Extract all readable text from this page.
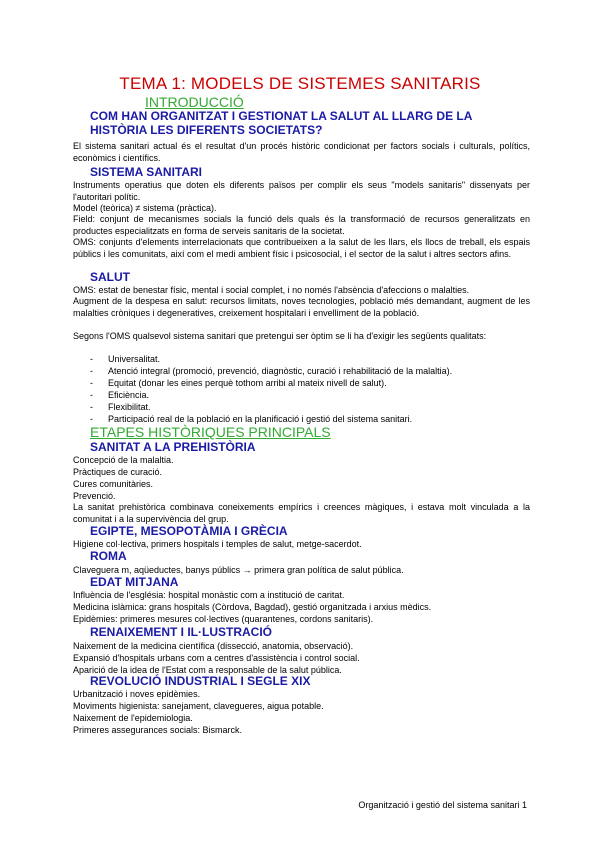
TEMA 1: MODELS DE SISTEMES SANITARIS
INTRODUCCIÓ
COM HAN ORGANITZAT I GESTIONAT LA SALUT AL LLARG DE LA
HISTÒRIA LES DIFERENTS SOCIETATS?
El sistema sanitari actual és el resultat d'un procés històric condicionat per factors socials i culturals, polítics, econòmics i científics.
SISTEMA SANITARI
Instruments operatius que doten els diferents països per complir els seus "models sanitaris" dissenyats per l'autoritari polític.
Model (teòrica) ≠ sistema (pràctica).
Field: conjunt de mecanismes socials la funció dels quals és la transformació de recursos generalitzats en productes especialitzats en forma de serveis sanitaris de la societat.
OMS: conjunts d'elements interrelacionats que contribueixen a la salut de les llars, els llocs de treball, els espais públics i les comunitats, així com el medi ambient físic i psicosocial, i el sector de la salut i altres sectors afins.
SALUT
OMS: estat de benestar físic, mental i social complet, i no només l'absència d'afeccions o malalties.
Augment de la despesa en salut: recursos limitats, noves tecnologies, població més demandant, augment de les malalties cròniques i degeneratives, creixement hospitalari i envelliment de la població.
Segons l'OMS qualsevol sistema sanitari que pretengui ser òptim se li ha d'exigir les següents qualitats:
- Universalitat.
- Atenció integral (promoció, prevenció, diagnòstic, curació i rehabilitació de la malaltia).
- Equitat (donar les eines perquè tothom arribi al mateix nivell de salut).
- Eficiència.
- Flexibilitat.
- Participació real de la població en la planificació i gestió del sistema sanitari.
ETAPES HISTÒRIQUES PRINCIPALS
SANITAT A LA PREHISTÒRIA
Concepció de la malaltia.
Pràctiques de curació.
Cures comunitàries.
Prevenció.
La sanitat prehistòrica combinava coneixements empírics i creences màgiques, i estava molt vinculada a la comunitat i a la supervivència del grup.
EGIPTE, MESOPOTÀMIA I GRÈCIA
Higiene col·lectiva, primers hospitals i temples de salut, metge-sacerdot.
ROMA
Claveguera m, aqüeductes, banys públics → primera gran política de salut pública.
EDAT MITJANA
Influència de l'església: hospital monàstic com a institució de caritat.
Medicina islàmica: grans hospitals (Còrdova, Bagdad), gestió organitzada i arxius mèdics.
Epidèmies: primeres mesures col·lectives (quarantenes, cordons sanitaris).
RENAIXEMENT I IL·LUSTRACIÓ
Naixement de la medicina científica (dissecció, anatomia, observació).
Expansió d'hospitals urbans com a centres d'assistència i control social.
Aparició de la idea de l'Estat com a responsable de la salut pública.
REVOLUCIÓ INDUSTRIAL I SEGLE XIX
Urbanització i noves epidèmies.
Moviments higienista: sanejament, clavegueres, aigua potable.
Naixement de l'epidemiologia.
Primeres assegurances socials: Bismarck.
Organització i gestió del sistema sanitari 1
